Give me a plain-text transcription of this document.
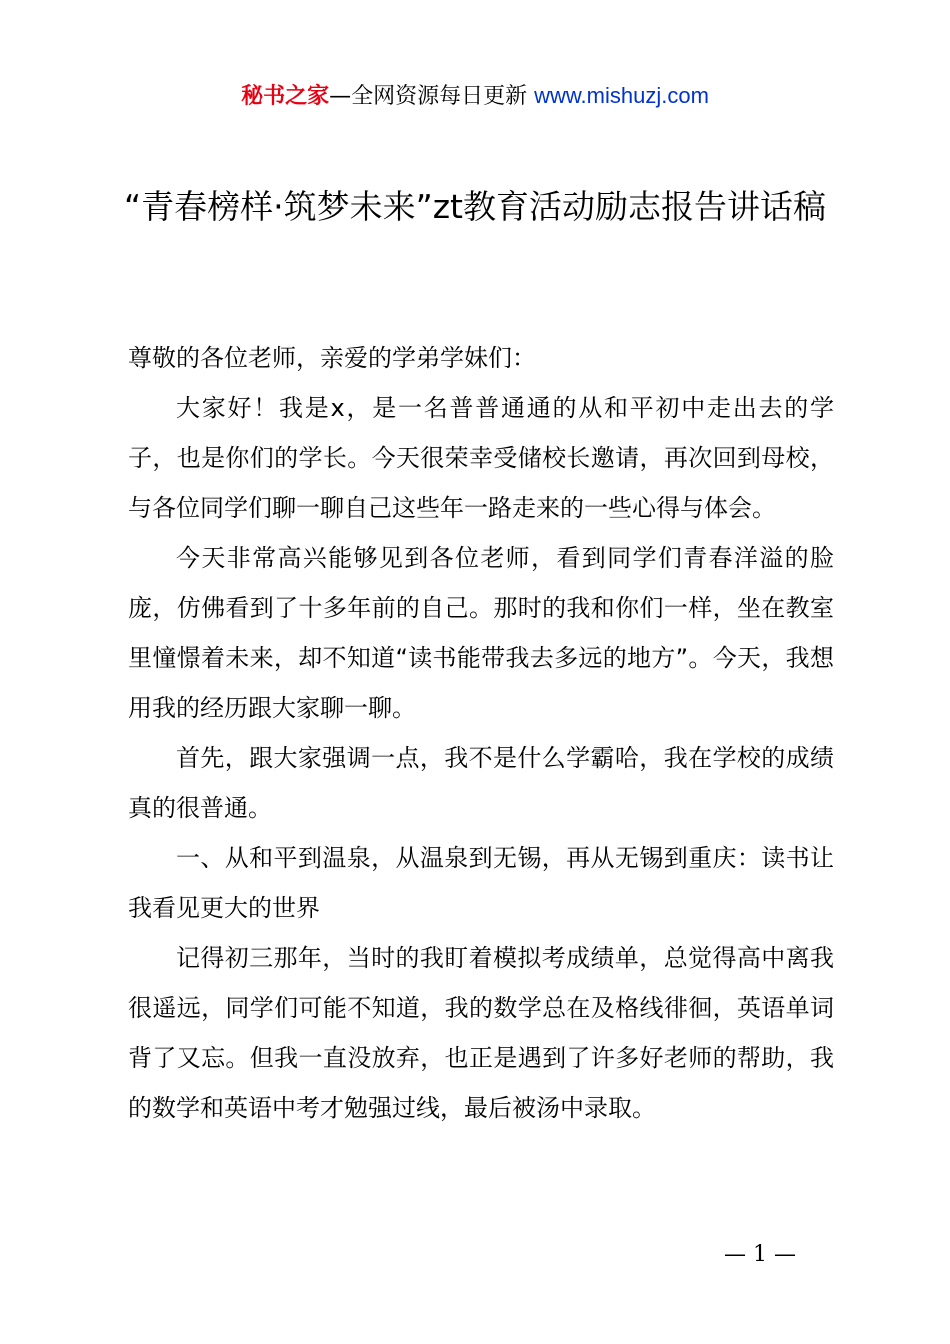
秘书之家—全网资源每日更新 www.mishuzj.com
“青春榜样·筑梦未来”zt教育活动励志报告讲话稿

尊敬的各位老师，亲爱的学弟学妹们：

大家好！我是x，是一名普普通通的从和平初中走出去的学子，也是你们的学长。今天很荣幸受储校长邀请，再次回到母校，与各位同学们聊一聊自己这些年一路走来的一些心得与体会。

今天非常高兴能够见到各位老师，看到同学们青春洋溢的脸庞，仿佛看到了十多年前的自己。那时的我和你们一样，坐在教室里憧憬着未来，却不知道“读书能带我去多远的地方”。今天，我想用我的经历跟大家聊一聊。

首先，跟大家强调一点，我不是什么学霸哈，我在学校的成绩真的很普通。

一、从和平到温泉，从温泉到无锡，再从无锡到重庆：读书让我看见更大的世界

记得初三那年，当时的我盯着模拟考成绩单，总觉得高中离我很遥远，同学们可能不知道，我的数学总在及格线徘徊，英语单词背了又忘。但我一直没放弃，也正是遇到了许多好老师的帮助，我的数学和英语中考才勉强过线，最后被汤中录取。

— 1 —
